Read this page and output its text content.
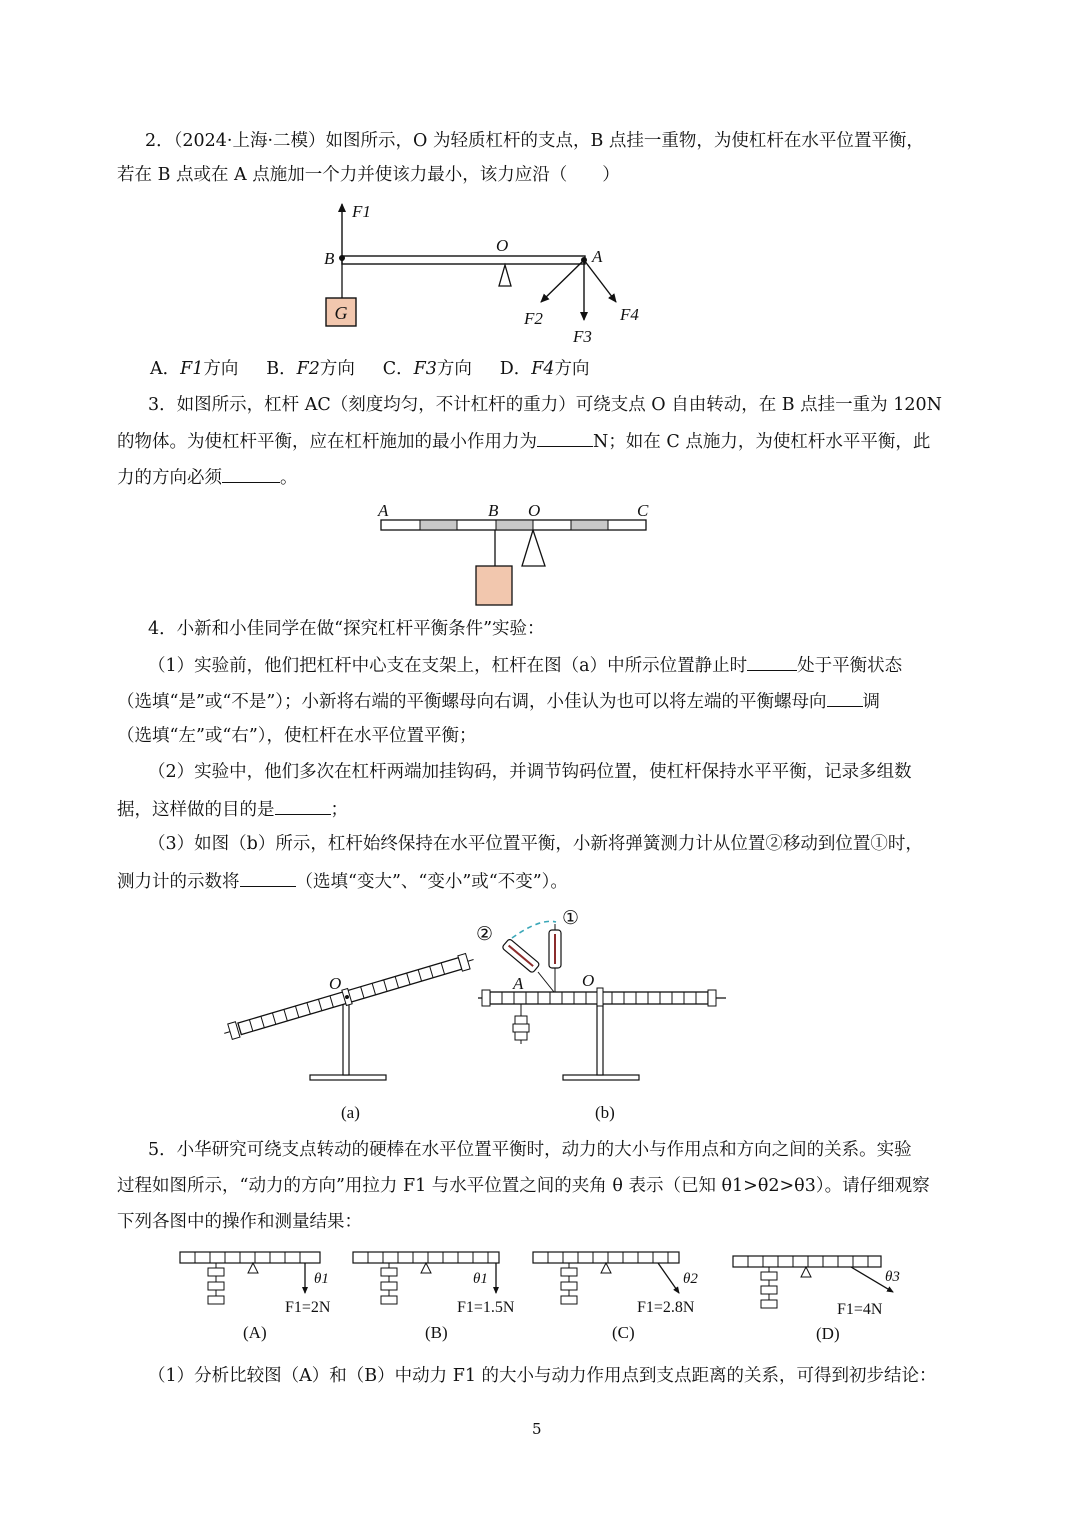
2．（2024·上海·二模）如图所示，O 为轻质杠杆的支点，B 点挂一重物，为使杠杆在水平位置平衡，
若在 B 点或在 A 点施加一个力并使该力最小，该力应沿（　　）
G
F1
F2
F3
F4
B
O
A
A．F1方向 B．F2方向 C．F3方向 D．F4方向
3．如图所示，杠杆 AC（刻度均匀，不计杠杆的重力）可绕支点 O 自由转动，在 B 点挂一重为 120N
的物体。为使杠杆平衡，应在杠杆施加的最小作用力为	N；如在 C 点施力，为使杠杆水平平衡，此
力的方向必须	。
A	B O	C
4．小新和小佳同学在做“探究杠杆平衡条件”实验：
（1）实验前，他们把杠杆中心支在支架上，杠杆在图（a）中所示位置静止时	处于平衡状态
（选填“是”或“不是”）；小新将右端的平衡螺母向右调，小佳认为也可以将左端的平衡螺母向 调
（选填“左”或“右”），使杠杆在水平位置平衡；
（2）实验中，他们多次在杠杆两端加挂钩码，并调节钩码位置，使杠杆保持水平平衡，记录多组数
据，这样做的目的是	；
（3）如图（b）所示，杠杆始终保持在水平位置平衡，小新将弹簧测力计从位置②移动到位置①时，
测力计的示数将	（选填“变大”、“变小”或“不变”）。
O
②
①
A	O
(a)	(b)
5．小华研究可绕支点转动的硬棒在水平位置平衡时，动力的大小与作用点和方向之间的关系。实验
过程如图所示，“动力的方向”用拉力 F1 与水平位置之间的夹角 θ 表示（已知 θ1>θ2>θ3）。请仔细观察
下列各图中的操作和测量结果：
θ1
F1=2N
(A)
θ1
F1=1.5N
(B)
θ2
F1=2.8N
(C)
θ3
F1=4N
(D)
（1）分析比较图（A）和（B）中动力 F1 的大小与动力作用点到支点距离的关系，可得到初步结论：
5
